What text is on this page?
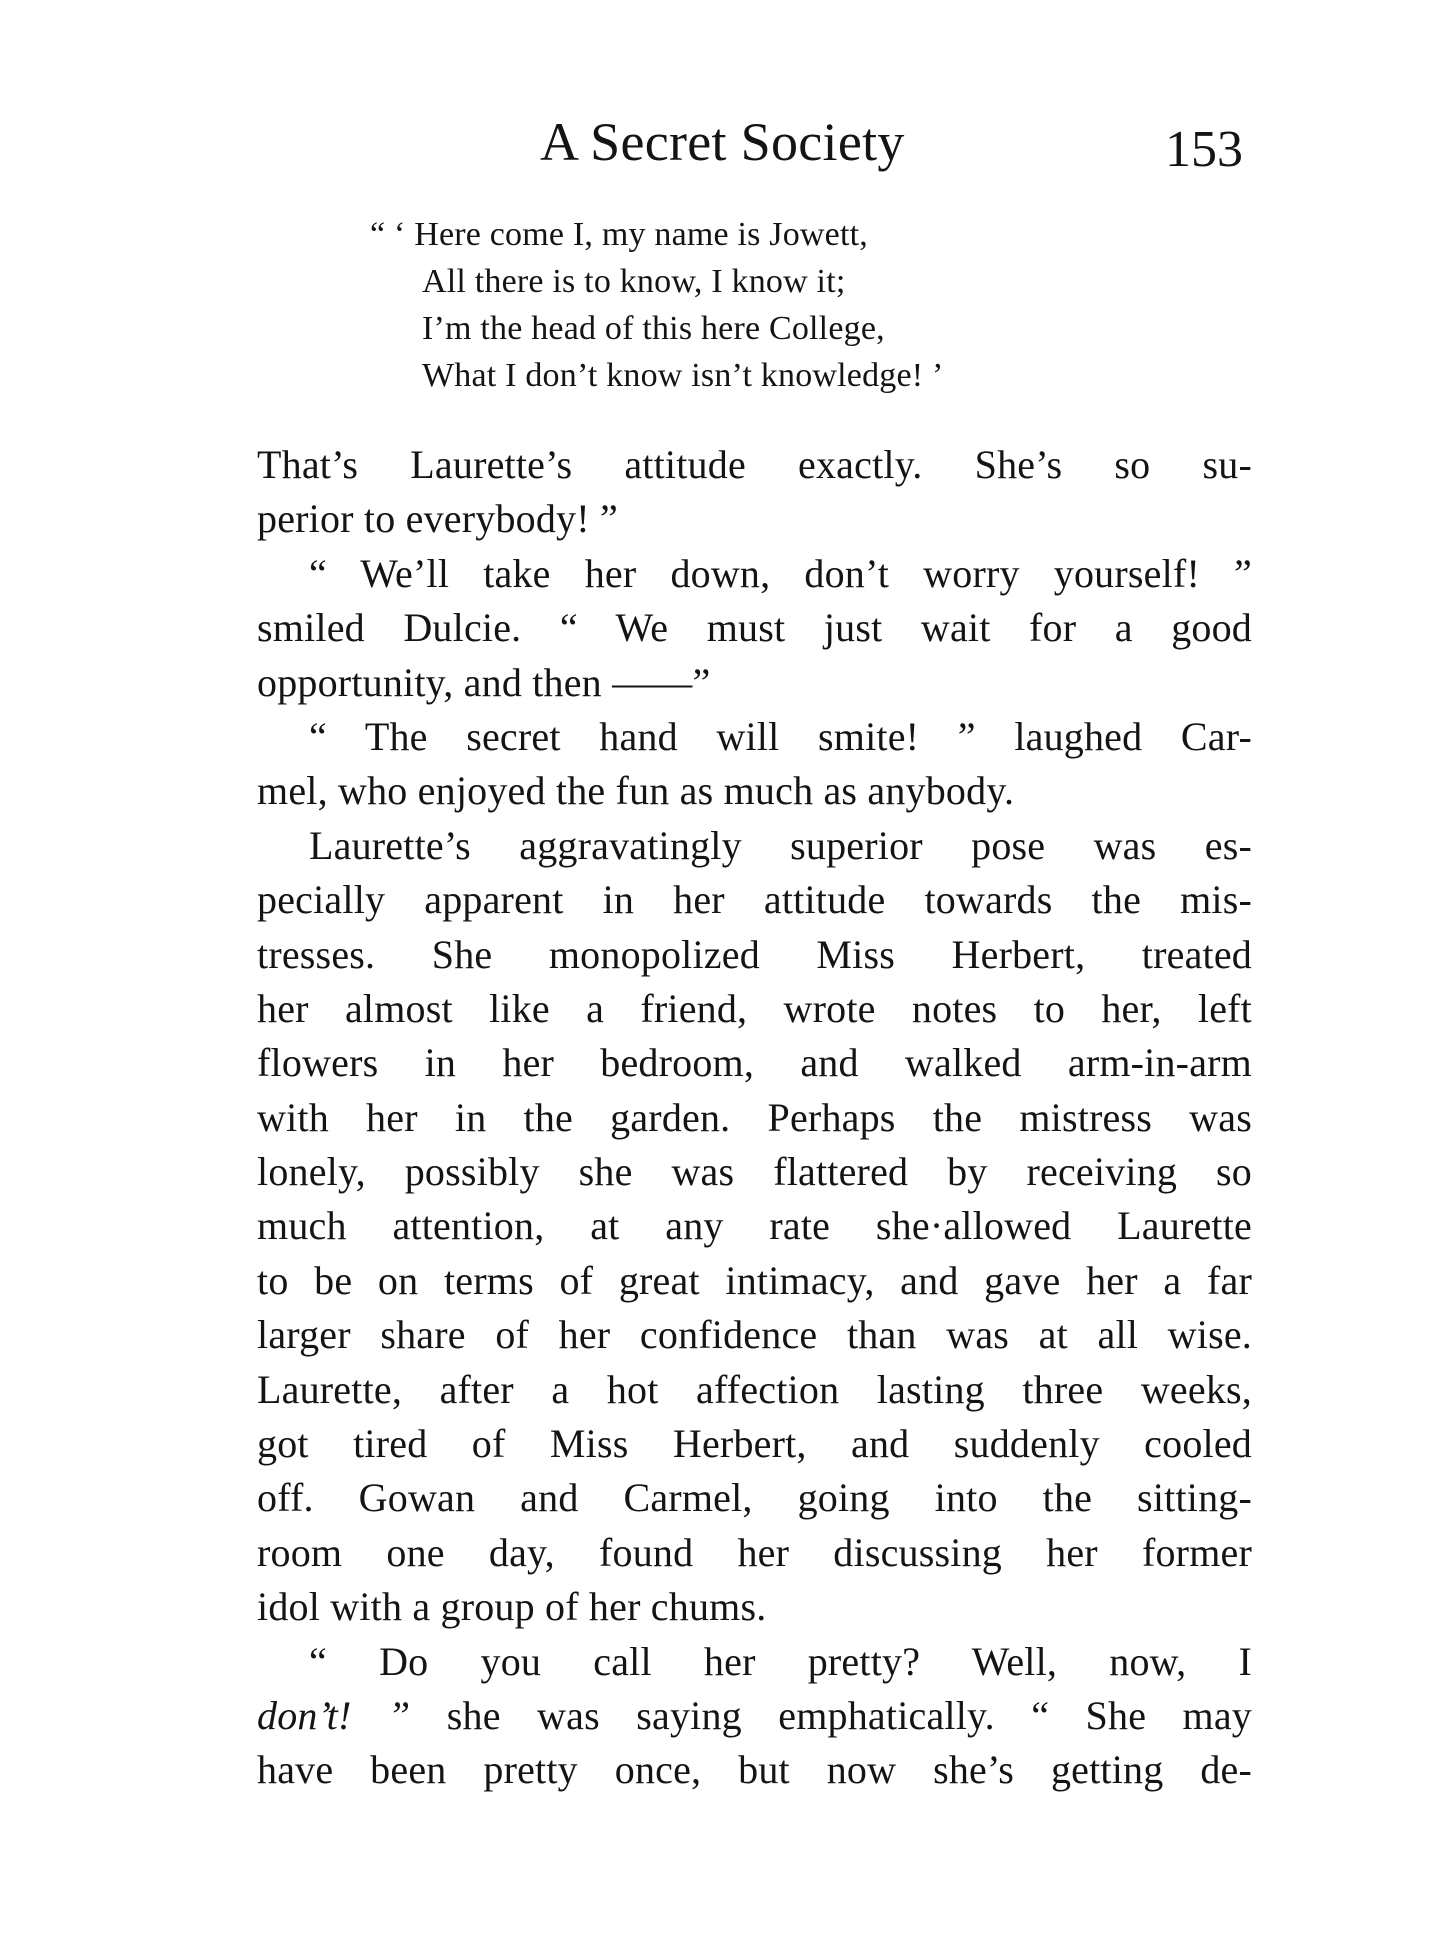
A Secret Society	153
“ ‘ Here come I, my name is Jowett,
All there is to know, I know it;
I’m the head of this here College,
What I don’t know isn’t knowledge! ’
That’s Laurette’s attitude exactly. She’s so su-
perior to everybody! ”
“ We’ll take her down, don’t worry yourself! ”
smiled Dulcie. “ We must just wait for a good
opportunity, and then ——”
“ The secret hand will smite! ” laughed Car-
mel, who enjoyed the fun as much as anybody.
Laurette’s aggravatingly superior pose was es-
pecially apparent in her attitude towards the mis-
tresses. She monopolized Miss Herbert, treated
her almost like a friend, wrote notes to her, left
flowers in her bedroom, and walked arm-in-arm
with her in the garden. Perhaps the mistress was
lonely, possibly she was flattered by receiving so
much attention, at any rate she·allowed Laurette
to be on terms of great intimacy, and gave her a far
larger share of her confidence than was at all wise.
Laurette, after a hot affection lasting three weeks,
got tired of Miss Herbert, and suddenly cooled
off. Gowan and Carmel, going into the sitting-
room one day, found her discussing her former
idol with a group of her chums.
“ Do you call her pretty? Well, now, I
don’t! ” she was saying emphatically. “ She may
have been pretty once, but now she’s getting de-
